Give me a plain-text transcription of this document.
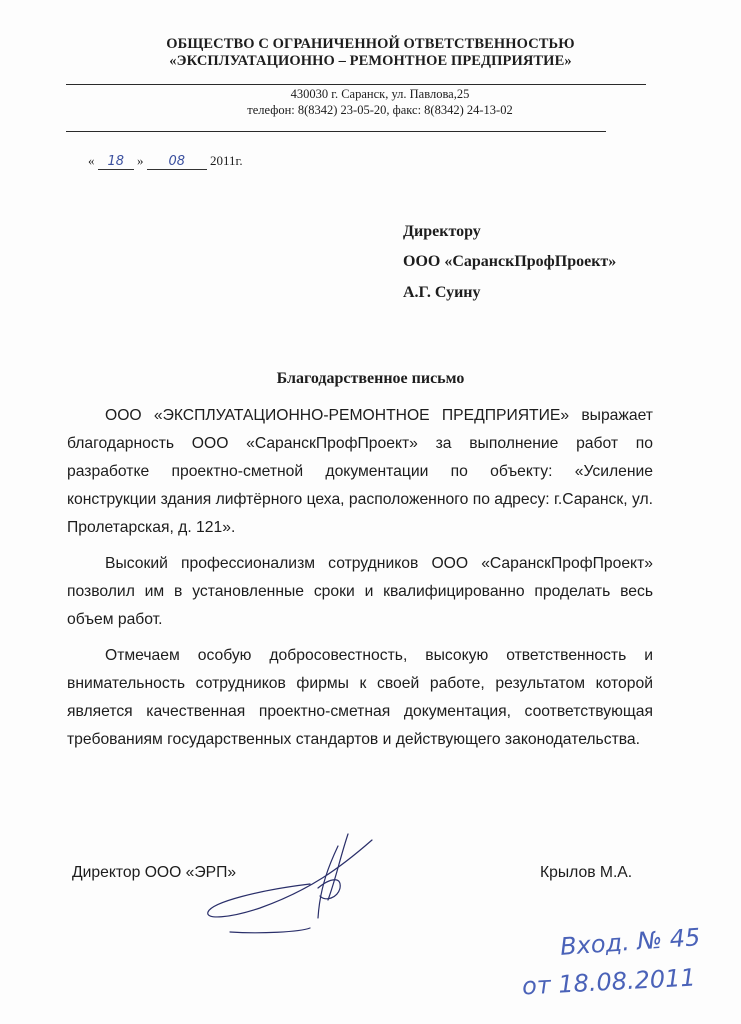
ОБЩЕСТВО С ОГРАНИЧЕННОЙ ОТВЕТСТВЕННОСТЬЮ
«ЭКСПЛУАТАЦИОННО – РЕМОНТНОЕ ПРЕДПРИЯТИЕ»
430030 г. Саранск, ул. Павлова,25
телефон: 8(8342) 23-05-20, факс: 8(8342) 24-13-02
« 18 » 08 2011г.
Директору
ООО «СаранскПрофПроект»
А.Г. Суину
Благодарственное письмо

ООО «ЭКСПЛУАТАЦИОННО-РЕМОНТНОЕ ПРЕДПРИЯТИЕ» выражает благодарность ООО «СаранскПрофПроект» за выполнение работ по разработке проектно-сметной документации по объекту: «Усиление конструкции здания лифтёрного цеха, расположенного по адресу: г.Саранск, ул. Пролетарская, д. 121».

Высокий профессионализм сотрудников ООО «СаранскПрофПроект» позволил им в установленные сроки и квалифицированно проделать весь объем работ.

Отмечаем особую добросовестность, высокую ответственность и внимательность сотрудников фирмы к своей работе, результатом которой является качественная проектно-сметная документация, соответствующая требованиям государственных стандартов и действующего законодательства.

Директор ООО «ЭРП»	Крылов М.А.
Вход. № 45
от 18.08.2011
